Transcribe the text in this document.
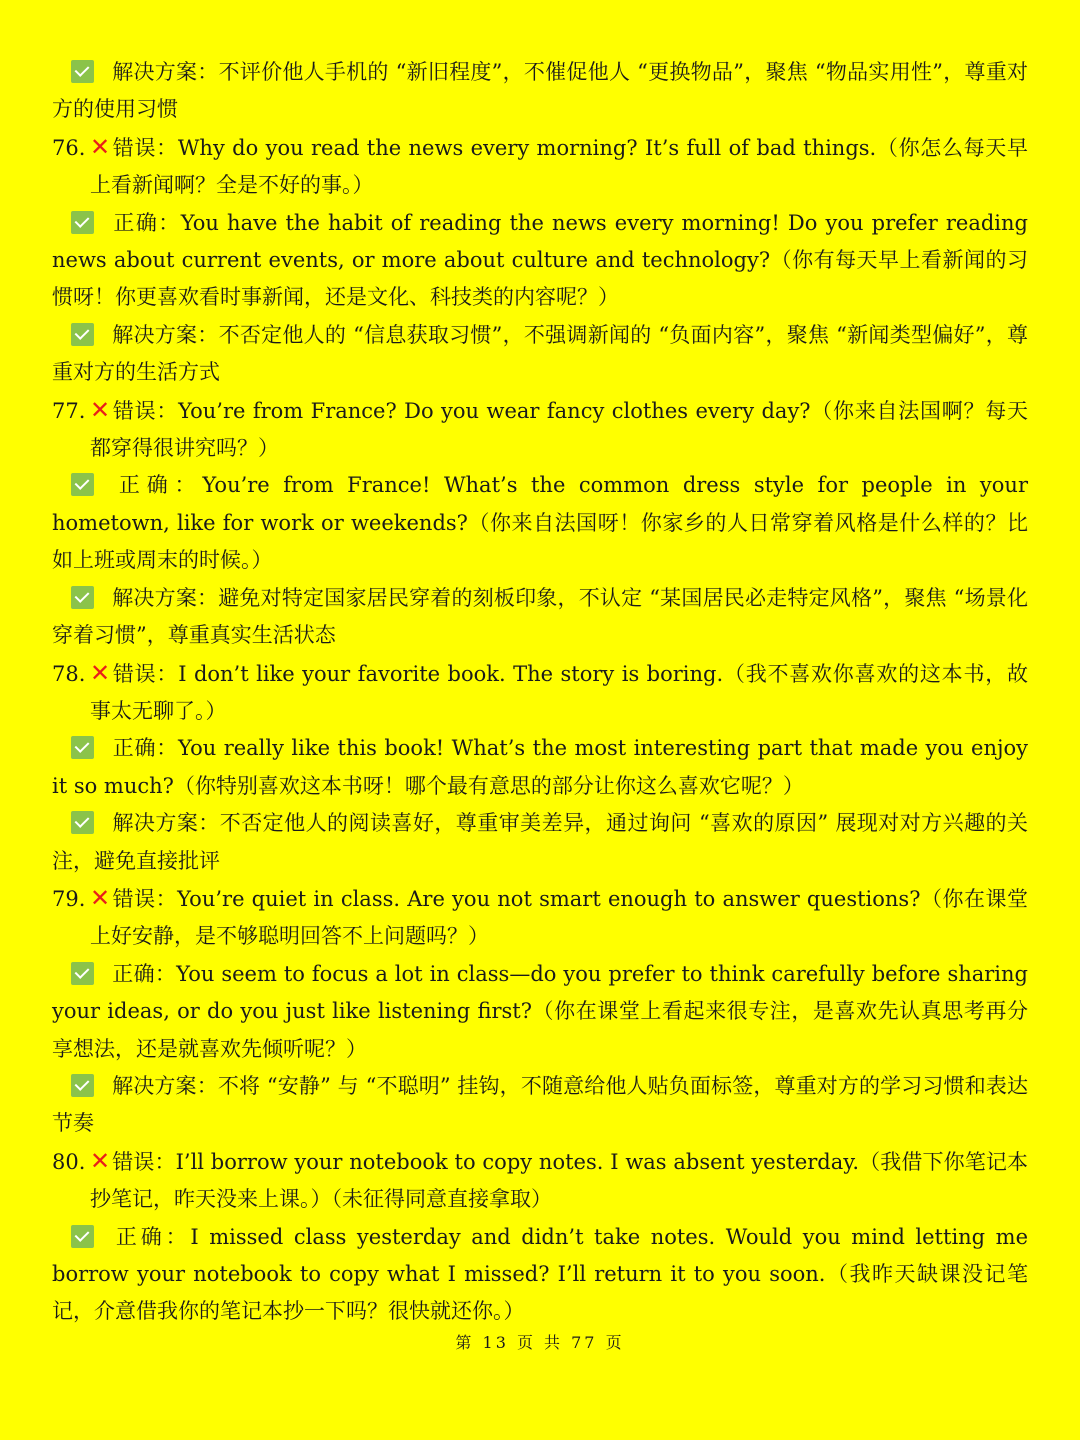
解决方案：不评价他人手机的 “新旧程度”，不催促他人 “更换物品”，聚焦 “物品实用性”，尊重对方的使用习惯

76. ✕错误：Why do you read the news every morning? It’s full of bad things.（你怎么每天早上看新闻啊？全是不好的事。）

正确：You have the habit of reading the news every morning! Do you prefer reading news about current events, or more about culture and technology?（你有每天早上看新闻的习惯呀！你更喜欢看时事新闻，还是文化、科技类的内容呢？）

解决方案：不否定他人的 “信息获取习惯”，不强调新闻的 “负面内容”，聚焦 “新闻类型偏好”，尊重对方的生活方式

77. ✕错误：You’re from France? Do you wear fancy clothes every day?（你来自法国啊？每天都穿得很讲究吗？）

正确：You’re from France! What’s the common dress style for people in your hometown, like for work or weekends?（你来自法国呀！你家乡的人日常穿着风格是什么样的？比如上班或周末的时候。）

解决方案：避免对特定国家居民穿着的刻板印象，不认定 “某国居民必走特定风格”，聚焦 “场景化穿着习惯”，尊重真实生活状态

78. ✕错误：I don’t like your favorite book. The story is boring.（我不喜欢你喜欢的这本书，故事太无聊了。）

正确：You really like this book! What’s the most interesting part that made you enjoy it so much?（你特别喜欢这本书呀！哪个最有意思的部分让你这么喜欢它呢？）

解决方案：不否定他人的阅读喜好，尊重审美差异，通过询问 “喜欢的原因” 展现对对方兴趣的关注，避免直接批评

79. ✕错误：You’re quiet in class. Are you not smart enough to answer questions?（你在课堂上好安静，是不够聪明回答不上问题吗？）

正确：You seem to focus a lot in class—do you prefer to think carefully before sharing your ideas, or do you just like listening first?（你在课堂上看起来很专注，是喜欢先认真思考再分享想法，还是就喜欢先倾听呢？）

解决方案：不将 “安静” 与 “不聪明” 挂钩，不随意给他人贴负面标签，尊重对方的学习习惯和表达节奏

80. ✕错误：I’ll borrow your notebook to copy notes. I was absent yesterday.（我借下你笔记本抄笔记，昨天没来上课。）（未征得同意直接拿取）

正确：I missed class yesterday and didn’t take notes. Would you mind letting me borrow your notebook to copy what I missed? I’ll return it to you soon.（我昨天缺课没记笔记，介意借我你的笔记本抄一下吗？很快就还你。）

第 13 页 共 77 页
